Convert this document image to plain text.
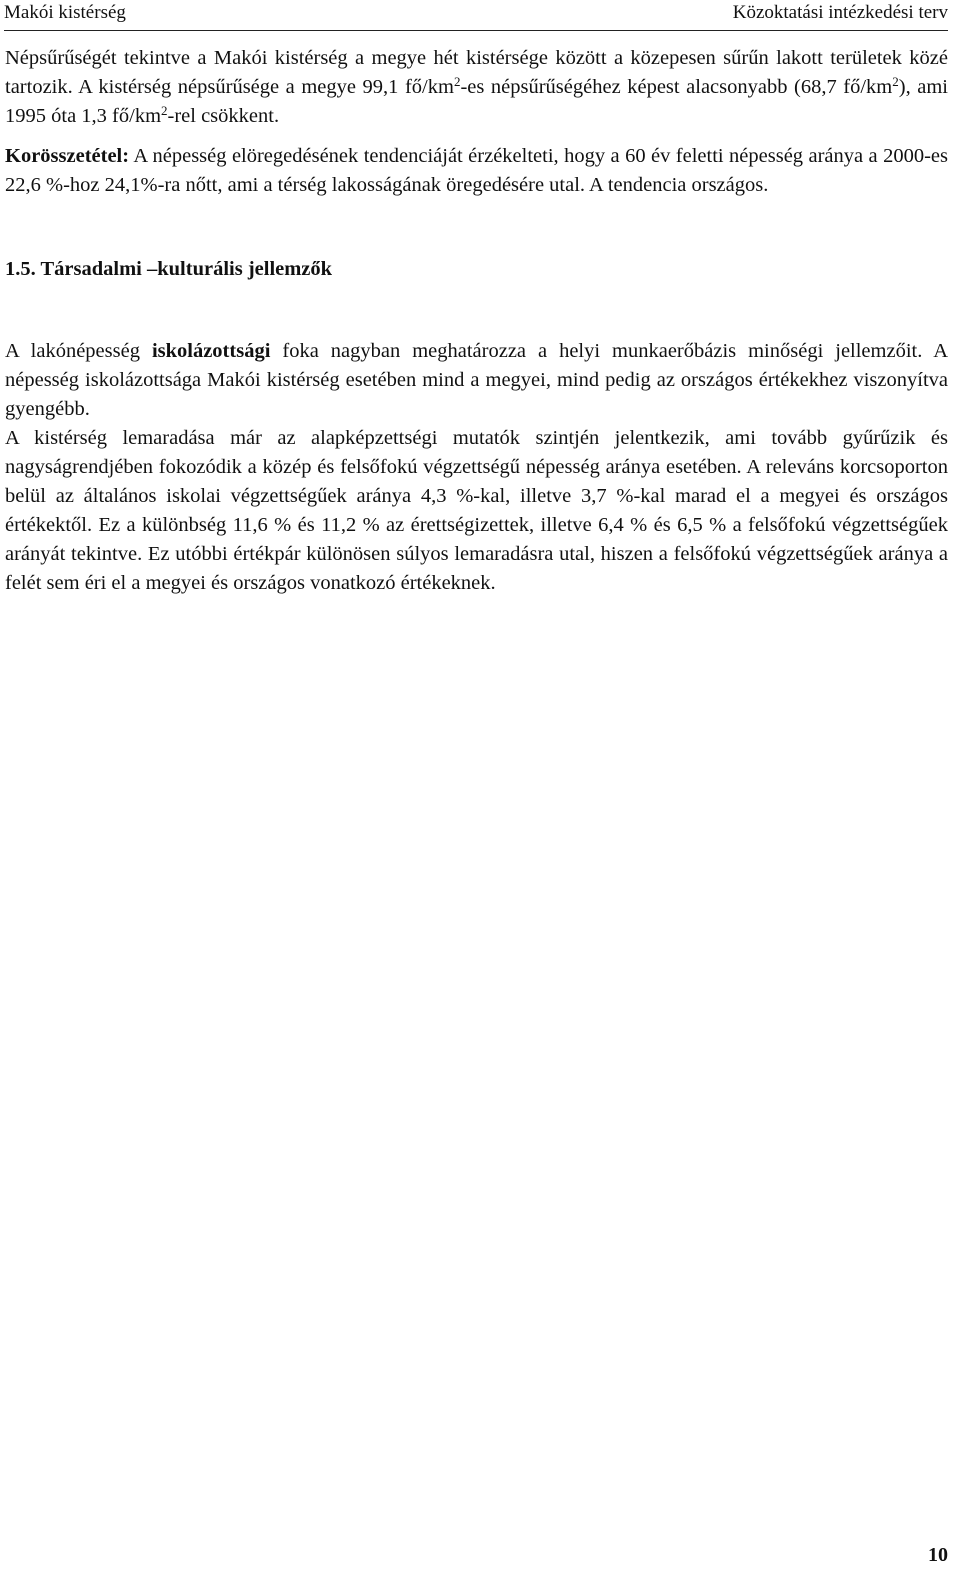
Makói kistérség	Közoktatási intézkedési terv

Népsűrűségét tekintve a Makói kistérség a megye hét kistérsége között a közepesen sűrűn lakott területek közé tartozik. A kistérség népsűrűsége a megye 99,1 $fő/km^2-es$ népsűrűségéhez képest alacsonyabb (68,7 $fő/km^2$), ami 1995 óta 1,3 $fő/km^2$-rel csökkent.

Korösszetétel: A népesség elöregedésének tendenciáját érzékelteti, hogy a 60 év feletti népesség aránya a 2000-es 22,6 %-hoz 24,1%-ra nőtt, ami a térség lakosságának öregedésére utal. A tendencia országos.

1.5. Társadalmi –kulturális jellemzők

A lakónépesség iskolázottsági foka nagyban meghatározza a helyi munkaerőbázis minőségi jellemzőit. A népesség iskolázottsága Makói kistérség esetében mind a megyei, mind pedig az országos értékekhez viszonyítva gyengébb.

A kistérség lemaradása már az alapképzettségi mutatók szintjén jelentkezik, ami tovább gyűrűzik és nagyságrendjében fokozódik a közép és felsőfokú végzettségű népesség aránya esetében. A releváns korcsoporton belül az általános iskolai végzettségűek aránya 4,3 %-kal, illetve 3,7 %-kal marad el a megyei és országos értékektől. Ez a különbség 11,6 % és 11,2 % az érettségizettek, illetve 6,4 % és 6,5 % a felsőfokú végzettségűek arányát tekintve. Ez utóbbi értékpár különösen súlyos lemaradásra utal, hiszen a felsőfokú végzettségűek aránya a felét sem éri el a megyei és országos vonatkozó értékeknek.

10
